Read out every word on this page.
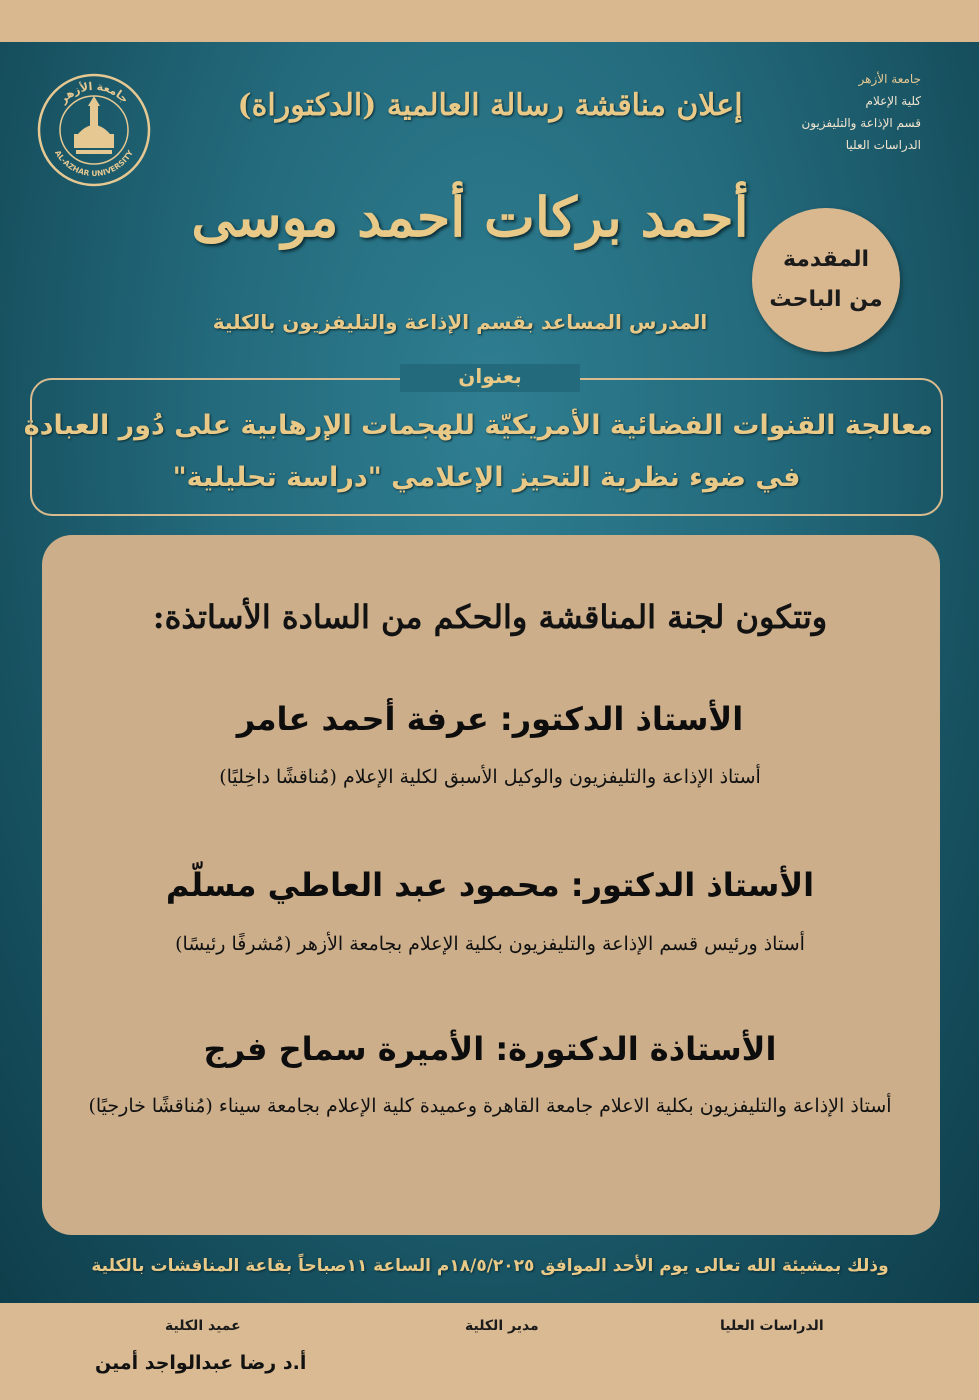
جامعة الأزهر
AL-AZHAR UNIVERSITY
جامعة الأزهر
كلية الإعلام
قسم الإذاعة والتليفزيون
الدراسات العليا
إعلان مناقشة رسالة العالمية (الدكتوراة)
أحمد بركات أحمد موسى
المدرس المساعد بقسم الإذاعة والتليفزيون بالكلية
المقدمة
من الباحث
بعنوان
معالجة القنوات الفضائية الأمريكيّة للهجمات الإرهابية على دُور العبادة
في ضوء نظرية التحيز الإعلامي "دراسة تحليلية"
وتتكون لجنة المناقشة والحكم من السادة الأساتذة:
الأستاذ الدكتور: عرفة أحمد عامر
أستاذ الإذاعة والتليفزيون والوكيل الأسبق لكلية الإعلام (مُناقشًا داخِليًا)
الأستاذ الدكتور: محمود عبد العاطي مسلّم
أستاذ ورئيس قسم الإذاعة والتليفزيون بكلية الإعلام بجامعة الأزهر (مُشرفًا رئيسًا)
الأستاذة الدكتورة: الأميرة سماح فرج
أستاذ الإذاعة والتليفزيون بكلية الاعلام جامعة القاهرة وعميدة كلية الإعلام بجامعة سيناء (مُناقشًا خارجيًا)
وذلك بمشيئة الله تعالى يوم الأحد الموافق ١٨/٥/٢٠٢٥م الساعة ١١صباحاً بقاعة المناقشات بالكلية
الدراسات العليا
مدير الكلية
عميد الكلية
أ.د رضا عبدالواجد أمين
